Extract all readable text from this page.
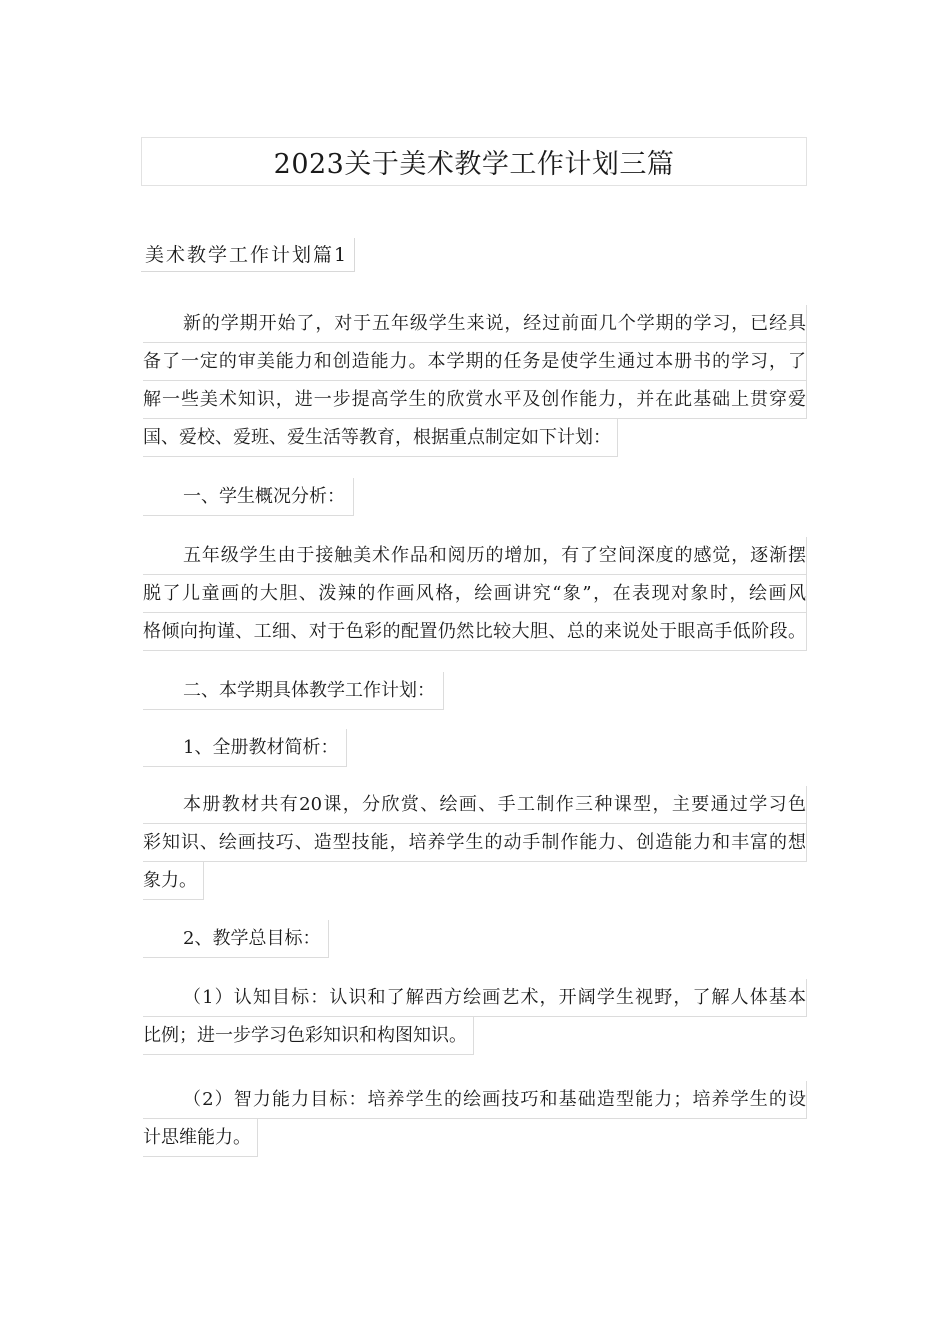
2023关于美术教学工作计划三篇
美术教学工作计划篇1
新的学期开始了，对于五年级学生来说，经过前面几个学期的学习，已经具
备了一定的审美能力和创造能力。本学期的任务是使学生通过本册书的学习，了
解一些美术知识，进一步提高学生的欣赏水平及创作能力，并在此基础上贯穿爱
国、爱校、爱班、爱生活等教育，根据重点制定如下计划：
一、学生概况分析：
五年级学生由于接触美术作品和阅历的增加，有了空间深度的感觉，逐渐摆
脱了儿童画的大胆、泼辣的作画风格，绘画讲究“象”，在表现对象时，绘画风
格倾向拘谨、工细、对于色彩的配置仍然比较大胆、总的来说处于眼高手低阶段。
二、本学期具体教学工作计划：
1、全册教材简析：
本册教材共有20课，分欣赏、绘画、手工制作三种课型，主要通过学习色
彩知识、绘画技巧、造型技能，培养学生的动手制作能力、创造能力和丰富的想
象力。
2、教学总目标：
（1）认知目标：认识和了解西方绘画艺术，开阔学生视野，了解人体基本
比例；进一步学习色彩知识和构图知识。
（2）智力能力目标：培养学生的绘画技巧和基础造型能力；培养学生的设
计思维能力。
